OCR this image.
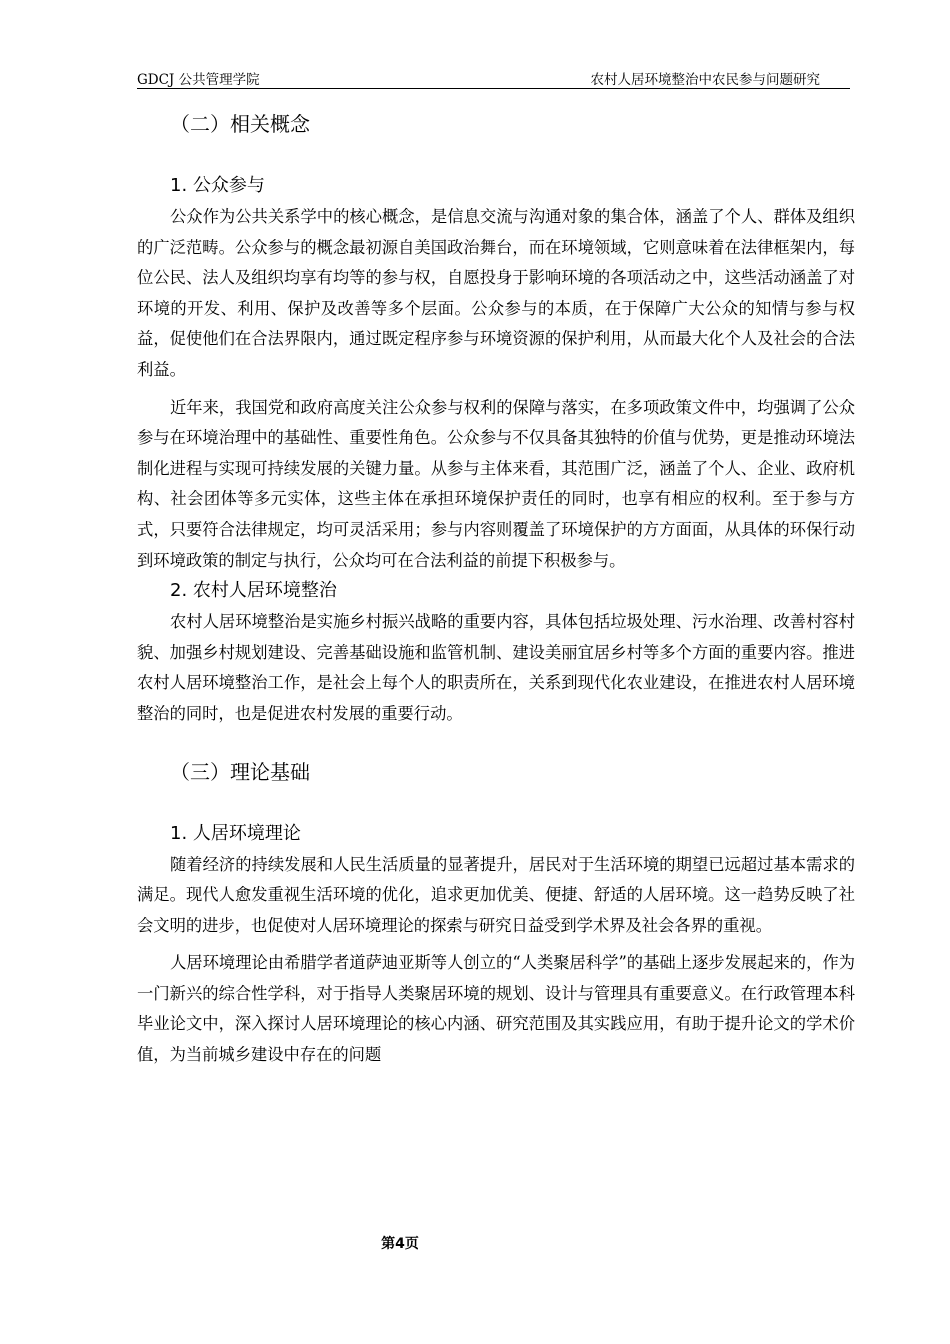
GDCJ 公共管理学院	农村人居环境整治中农民参与问题研究
（二）相关概念
1. 公众参与

公众作为公共关系学中的核心概念，是信息交流与沟通对象的集合体，涵盖了个人、群体及组织的广泛范畴。公众参与的概念最初源自美国政治舞台，而在环境领域，它则意味着在法律框架内，每位公民、法人及组织均享有均等的参与权，自愿投身于影响环境的各项活动之中，这些活动涵盖了对环境的开发、利用、保护及改善等多个层面。公众参与的本质，在于保障广大公众的知情与参与权益，促使他们在合法界限内，通过既定程序参与环境资源的保护利用，从而最大化个人及社会的合法利益。

近年来，我国党和政府高度关注公众参与权利的保障与落实，在多项政策文件中，均强调了公众参与在环境治理中的基础性、重要性角色。公众参与不仅具备其独特的价值与优势，更是推动环境法制化进程与实现可持续发展的关键力量。从参与主体来看，其范围广泛，涵盖了个人、企业、政府机构、社会团体等多元实体，这些主体在承担环境保护责任的同时，也享有相应的权利。至于参与方式，只要符合法律规定，均可灵活采用；参与内容则覆盖了环境保护的方方面面，从具体的环保行动到环境政策的制定与执行，公众均可在合法利益的前提下积极参与。

2. 农村人居环境整治

农村人居环境整治是实施乡村振兴战略的重要内容，具体包括垃圾处理、污水治理、改善村容村貌、加强乡村规划建设、完善基础设施和监管机制、建设美丽宜居乡村等多个方面的重要内容。推进农村人居环境整治工作，是社会上每个人的职责所在，关系到现代化农业建设，在推进农村人居环境整治的同时，也是促进农村发展的重要行动。

（三）理论基础
1. 人居环境理论

随着经济的持续发展和人民生活质量的显著提升，居民对于生活环境的期望已远超过基本需求的满足。现代人愈发重视生活环境的优化，追求更加优美、便捷、舒适的人居环境。这一趋势反映了社会文明的进步，也促使对人居环境理论的探索与研究日益受到学术界及社会各界的重视。

人居环境理论由希腊学者道萨迪亚斯等人创立的“人类聚居科学”的基础上逐步发展起来的，作为一门新兴的综合性学科，对于指导人类聚居环境的规划、设计与管理具有重要意义。在行政管理本科毕业论文中，深入探讨人居环境理论的核心内涵、研究范围及其实践应用，有助于提升论文的学术价值，为当前城乡建设中存在的问题

第4页
